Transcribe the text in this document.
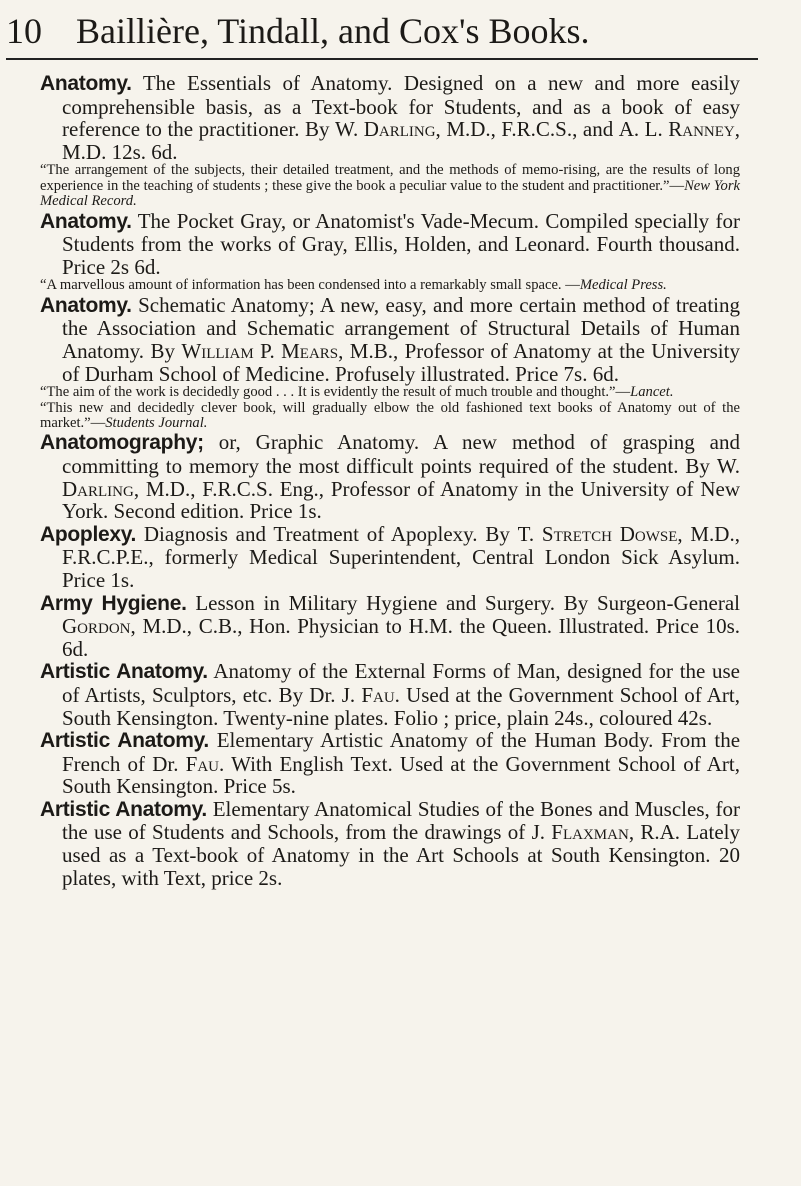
10 Baillière, Tindall, and Cox's Books.
Anatomy. The Essentials of Anatomy. Designed on a new and more easily comprehensible basis, as a Text-book for Students, and as a book of easy reference to the practitioner. By W. Darling, M.D., F.R.C.S., and A. L. Ranney, M.D. 12s. 6d.
“The arrangement of the subjects, their detailed treatment, and the methods of memo-rising, are the results of long experience in the teaching of students ; these give the book a peculiar value to the student and practitioner.”—New York Medical Record.
Anatomy. The Pocket Gray, or Anatomist's Vade-Mecum. Compiled specially for Students from the works of Gray, Ellis, Holden, and Leonard. Fourth thousand. Price 2s 6d.
“A marvellous amount of information has been condensed into a remarkably small space. —Medical Press.
Anatomy. Schematic Anatomy; A new, easy, and more certain method of treating the Association and Schematic arrangement of Structural Details of Human Anatomy. By William P. Mears, M.B., Professor of Anatomy at the University of Durham School of Medicine. Profusely illustrated. Price 7s. 6d.
“The aim of the work is decidedly good . . . It is evidently the result of much trouble and thought.”—Lancet.
“This new and decidedly clever book, will gradually elbow the old fashioned text books of Anatomy out of the market.”—Students Journal.
Anatomography; or, Graphic Anatomy. A new method of grasping and committing to memory the most difficult points required of the student. By W. Darling, M.D., F.R.C.S. Eng., Professor of Anatomy in the University of New York. Second edition. Price 1s.
Apoplexy. Diagnosis and Treatment of Apoplexy. By T. Stretch Dowse, M.D., F.R.C.P.E., formerly Medical Superintendent, Central London Sick Asylum. Price 1s.
Army Hygiene. Lesson in Military Hygiene and Surgery. By Surgeon-General Gordon, M.D., C.B., Hon. Physician to H.M. the Queen. Illustrated. Price 10s. 6d.
Artistic Anatomy. Anatomy of the External Forms of Man, designed for the use of Artists, Sculptors, etc. By Dr. J. Fau. Used at the Government School of Art, South Kensington. Twenty-nine plates. Folio ; price, plain 24s., coloured 42s.
Artistic Anatomy. Elementary Artistic Anatomy of the Human Body. From the French of Dr. Fau. With English Text. Used at the Government School of Art, South Kensington. Price 5s.
Artistic Anatomy. Elementary Anatomical Studies of the Bones and Muscles, for the use of Students and Schools, from the drawings of J. Flaxman, R.A. Lately used as a Text-book of Anatomy in the Art Schools at South Kensington. 20 plates, with Text, price 2s.
